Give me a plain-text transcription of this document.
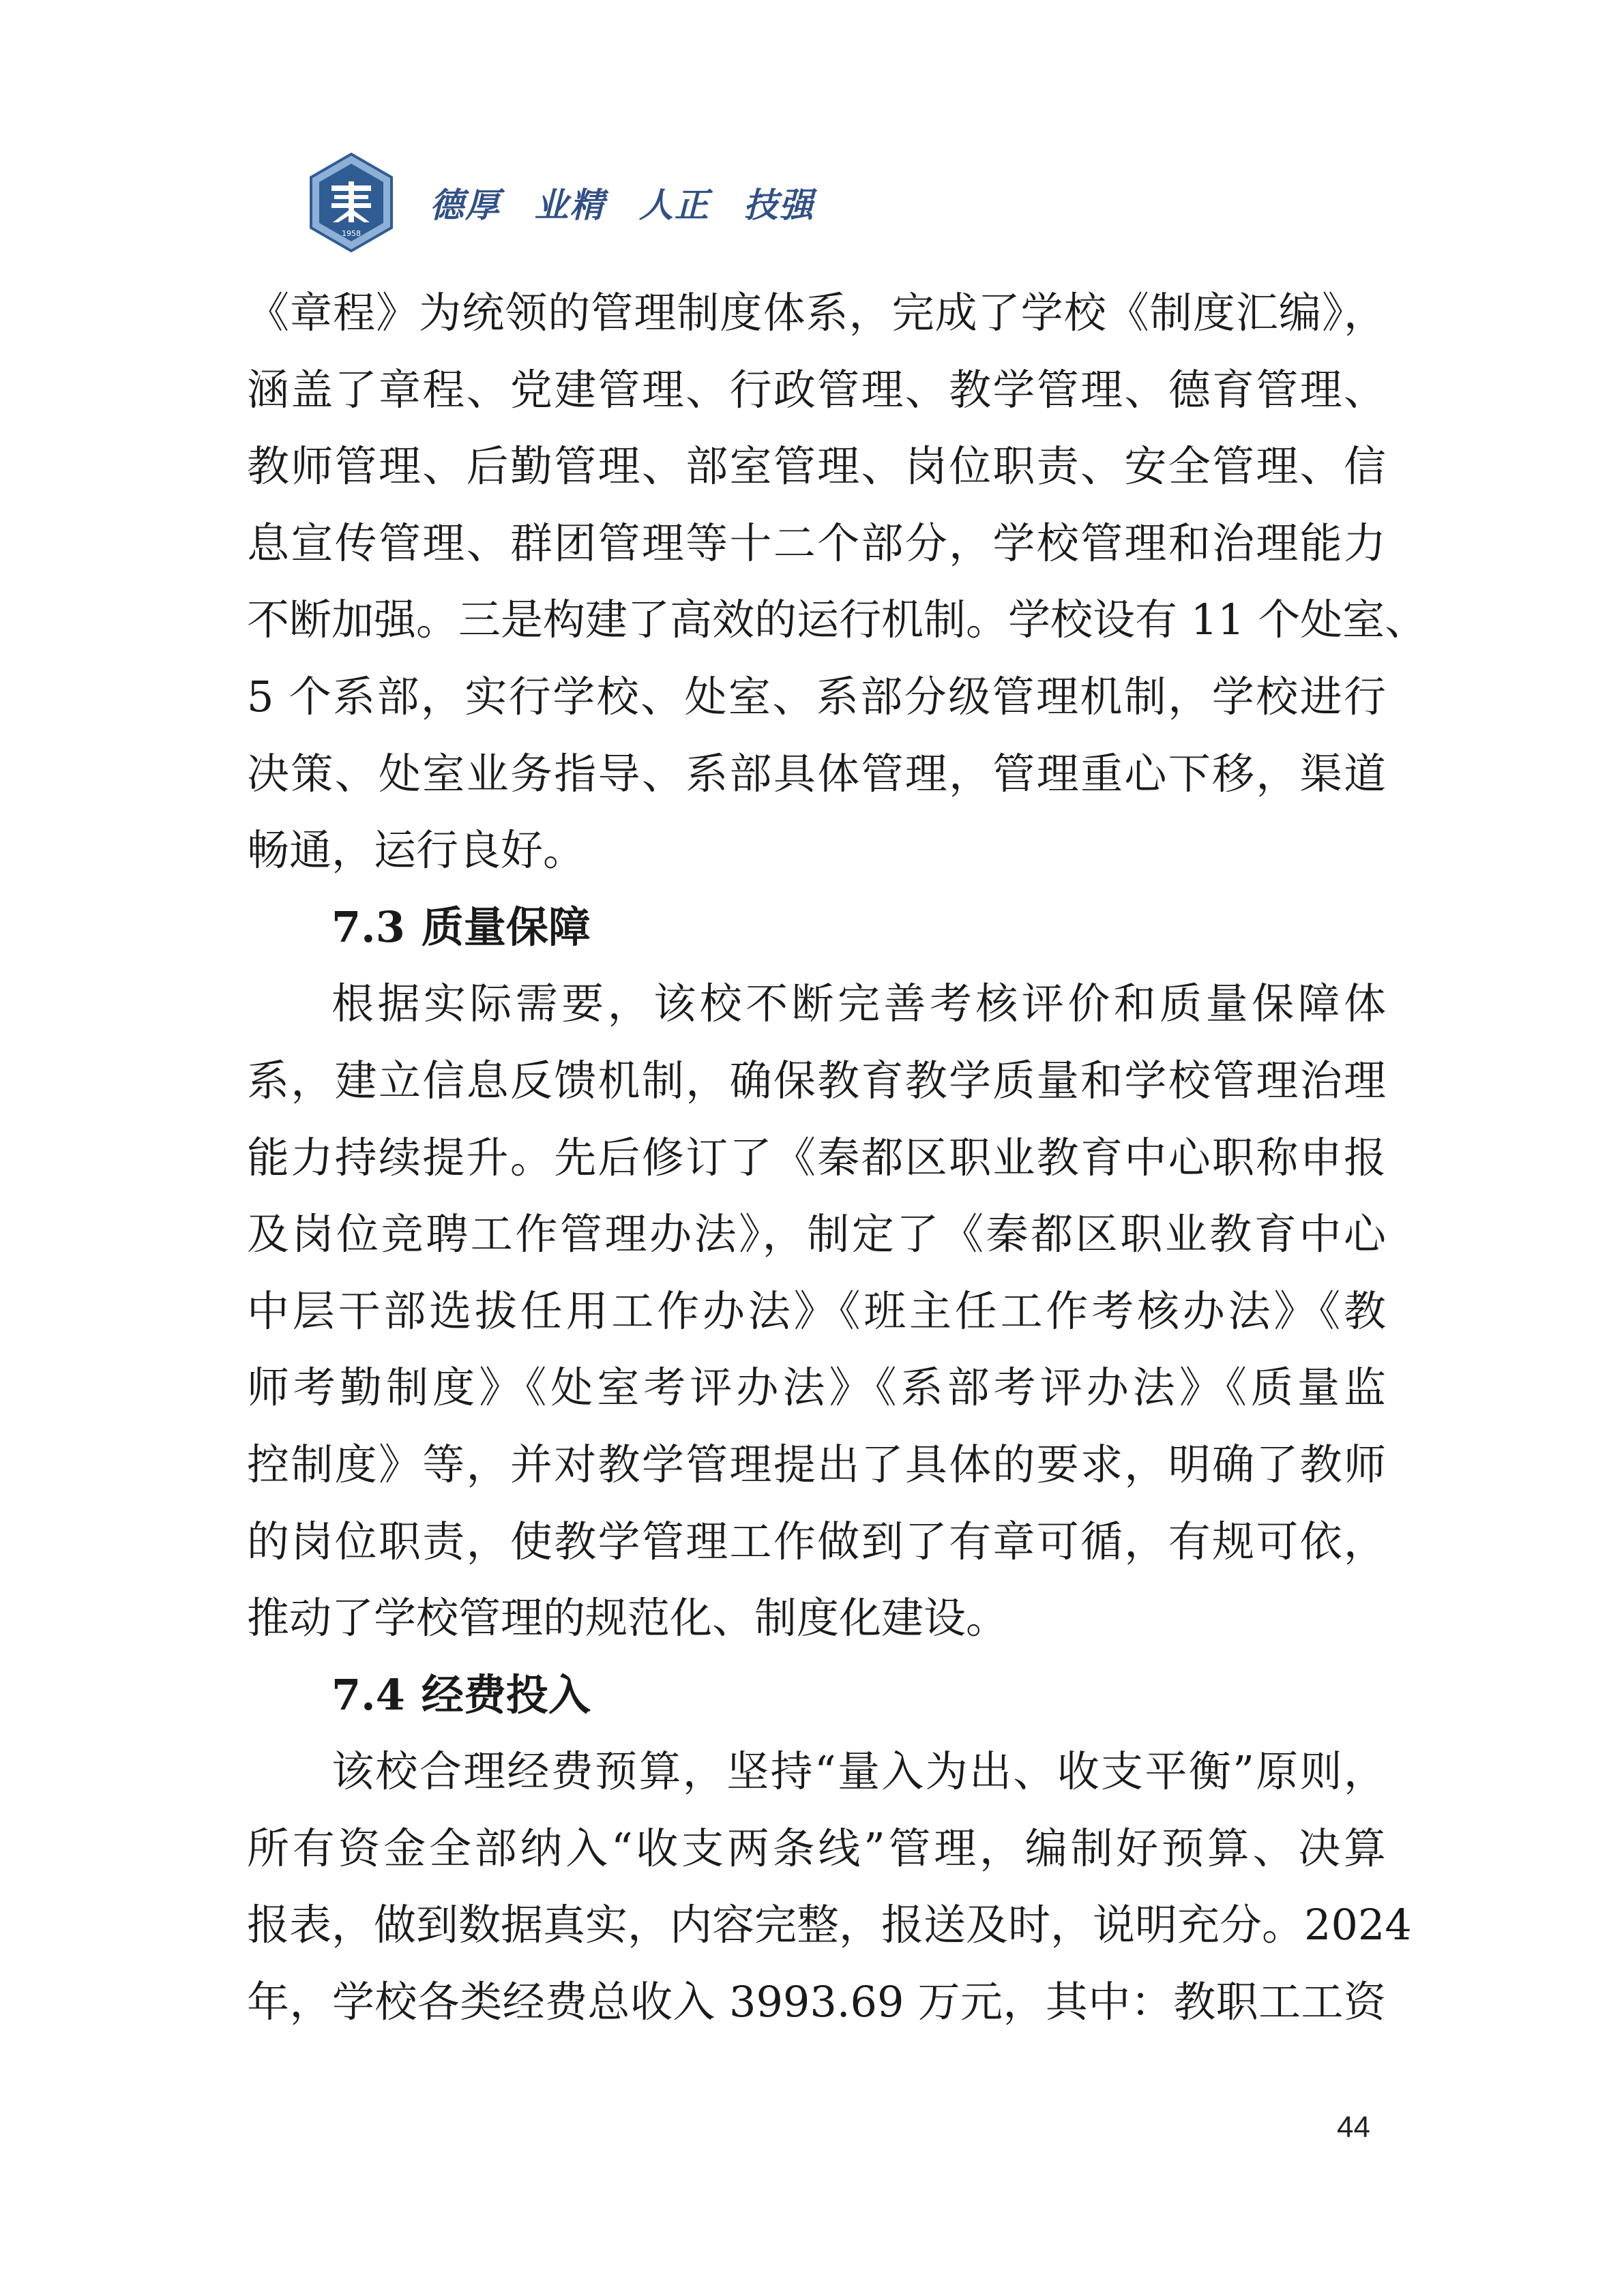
1958
德厚 业精 人正 技强
《章程》为统领的管理制度体系，完成了学校《制度汇编》，
涵盖了章程、党建管理、行政管理、教学管理、德育管理、
教师管理、后勤管理、部室管理、岗位职责、安全管理、信
息宣传管理、群团管理等十二个部分，学校管理和治理能力
不断加强。三是构建了高效的运行机制。学校设有 11 个处室、
5 个系部，实行学校、处室、系部分级管理机制，学校进行
决策、处室业务指导、系部具体管理，管理重心下移，渠道
畅通，运行良好。
7.3 质量保障
根据实际需要，该校不断完善考核评价和质量保障体
系，建立信息反馈机制，确保教育教学质量和学校管理治理
能力持续提升。先后修订了《秦都区职业教育中心职称申报
及岗位竞聘工作管理办法》，制定了《秦都区职业教育中心
中层干部选拔任用工作办法》《班主任工作考核办法》《教
师考勤制度》《处室考评办法》《系部考评办法》《质量监
控制度》等，并对教学管理提出了具体的要求，明确了教师
的岗位职责，使教学管理工作做到了有章可循，有规可依，
推动了学校管理的规范化、制度化建设。
7.4 经费投入
该校合理经费预算，坚持“量入为出、收支平衡”原则，
所有资金全部纳入“收支两条线”管理，编制好预算、决算
报表，做到数据真实，内容完整，报送及时，说明充分。2024
年，学校各类经费总收入 3993.69 万元，其中：教职工工资
44
